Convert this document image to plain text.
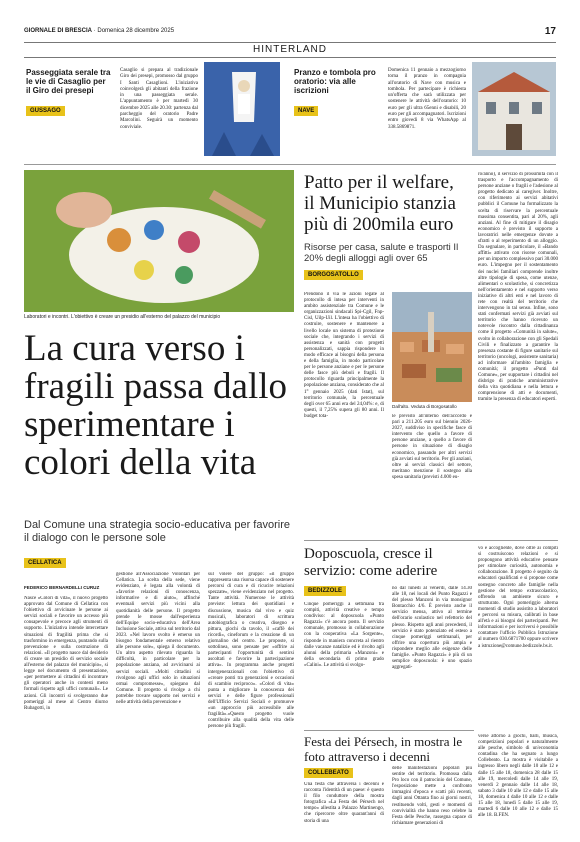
GIORNALE DI BRESCIA · Domenica 28 dicembre 2025	17
HINTERLAND
Passeggiata serale tra le vie di Casaglio per il Giro dei presepi
GUSSAGO
Casaglio si prepara al tradizionale Giro dei presepi, promosso dal gruppo I Santi Casaglioni. L'iniziativa coinvolgerà gli abitanti della frazione in una passeggiata serale. L'appuntamento è per martedì 30 dicembre 2025 alle 20.30: partenza dal parcheggio del oratorio Padre Marcolini. Seguirà un momento conviviale.
Pranzo e tombola pro oratorio: via alle iscrizioni
NAVE
Domenica 11 gennaio a mezzogiorno torna il pranzo in compagnia all'oratorio di Nave con musica e tombola. Per partecipare è richiesta un'offerta che sarà utilizzata per sostenere le attività dell'oratorio: 10 euro per gli ultra 65enni e disabili, 20 euro per gli accompagnatori. Iscrizioni entro giovedì 8 via WhatsApp al 338.5869871.
Laboratori e incontri. L'obiettivo è creare un presidio all'esterno del palazzo del municipio
La cura verso i fragili passa dallo sperimentare i colori della vita
Dal Comune una strategia socio-educativa per favorire il dialogo con le persone sole
CELLATICA
FEDERICO BERNARDELLI CURUZ
Nasce «Colori di vita», il nuovo progetto approvato dal Comune di Cellatica con l'obiettivo di avvicinare le persone ai servizi sociali e favorire un accesso più consapevole e precoce agli strumenti di supporto. L'iniziativa intende intercettare situazioni di fragilità prima che si trasformino in emergenza, puntando sulla prevenzione e sulla costruzione di relazioni. «Il progetto nasce dal desiderio di creare un presidio di servizio sociale all'esterno del palazzo del municipio», si legge nel documento di presentazione, «per permettere ai cittadini di incontrare gli operatori anche in contesti meno formali rispetto agli uffici comunali». Le azioni. Gli incontri si svolgeranno due pomeriggi al mese al Centro diurno Rubagotti, in
gestione all'Associazione Volontari per Cellatica. La scelta della sede, viene evidenziato, è legata alla volontà di «favorire relazioni di conoscenza, informative e di aiuto», affinché eventuali servizi più vicini alla quotidianità delle persone. Il progetto prende le mosse dall'esperienza dell'Equipe socio-educativa dell'Area Inclusione Sociale, attiva sul territorio dal 2023. «Nel lavoro svolto è emerso un bisogno fondamentale emerso relativo alle persone sole», spiega il documento. Un altro aspetto rilevato riguarda la difficoltà, in particolare per la popolazione anziana, ad avvicinarsi ai servizi sociali. «Molti cittadini si rivolgono agli uffici solo in situazioni ormai compromesse», spiegano dal Comune. Il progetto si rivolge a chi potrebbe trovare supporto nei servizi e nelle attività della prevenzione e
sul volere del gruppo: «il gruppo rappresenta una risorsa capace di sostenere percorsi di cura e di ricucire relazioni spezzate», viene evidenziato nel progetto. Tante attività. Numerose le attività previste: lettura dei quotidiani e discussione, musica dal vivo e quiz musicali, laboratori di scrittura autobiografica o creativa, disegno e pittura, giochi da tavolo, il «caffè dei ricordi», cineforum e la creazione di un giornalino del centro. Le proposte, si sottolinea, sono pensate per «offrire ai partecipanti l'opportunità di sentirsi ascoltati e favorire la partecipazione attiva». In programma anche progetti intergenerazionali con l'obiettivo di «creare ponti tra generazioni e occasioni di scambio reciproco». «Colori di vita» punta a migliorare la conoscenza dei servizi e delle figure professionali dell'Ufficio Servizi Sociali e promuove «un approccio più accessibile alle fragilità».«Questo progetto vuole contribuire alla qualità della vita delle persone più fragili.
Patto per il welfare, il Municipio stanzia più di 200mila euro
Risorse per casa, salute e trasporti Il 20% degli alloggi agli over 65
BORGOSATOLLO
Prendono il via le azioni legate al protocollo di intesa per interventi in ambito assistenziale tra Comune e le organizzazioni sindacali Spi-Cgil, Fnp-Cisl, Uilp-Uil. L'intesa ha l'obiettivo di costruire, sostenere e mantenere a livello locale un sistema di protezione sociale che, integrando i servizi di assistenza e sanità con progetti personalizzati, sappia rispondere in modo efficace ai bisogni della persona e della famiglia, in modo particolare per le persone anziane e per le persone delle fasce più deboli e fragili. Il protocollo riguarda principalmente la popolazione anziana, considerato che al 1° gennaio 2025 (dati Istat), sul territorio comunale, la percentuale degli over 65 anni era del 24,04%: e, di questi, il 7,25% supera gli 80 anni. Il budget tota-
Dall'alto. Veduta di Borgosatollo
le previsto all'interno dell'accordo è pari a 211.205 euro sul biennio 2026-2027, suddiviso in specifiche fasce di intervento che quello a favore di persone anziane, a quello a favore di persone in situazione di disagio economico, passando per altri servizi già avviati sul territorio. Per gli anziani, oltre ai servizi classici del settore, meritano menzione il sostegno alla spesa sanitaria (previsti 4.000 eu-
ro/anno), il servizio di prossimità con il trasporto e l'accompagnamento di persone anziane o fragili e l'adesione al progetto dedicato ai caregiver. Inoltre, con riferimento ai servizi abitativi pubblici il Comune ha formalizzato la scelta di riservare la percentuale massima consentita, pari al 20%, agli anziani. Al fine di mitigare il disagio economico è previsto il supporto a lavoratrici nelle emergenze dovute a sfratti o al reperimento di un alloggio. Da segnalare, in particolare, il «Bando affitti» attivato con risorse comunali, per un importo complessivo pari 30.000 euro. L'impegno per il sostentamento dei nuclei familiari comprende inoltre altre tipologie di spesa, come utenze, alimentari o scolastiche, si concretizza nell'orientamento e nel supporto verso iniziative di altri enti e nel lavoro di rete con realtà del territorio che intervengono in tal senso. Infine, sono stati confermati servizi già avviati sul territorio che hanno ricevuto un notevole riscontro dalla cittadinanza come il progetto «Comunità in salute», svolto in collaborazione con gli Spedali Civili e finalizzato a garantire la presenza costante di figure sanitarie sul territorio (oncologi, assistente sanitaria) ad informare all'ambito famiglia e comunità; il progetto «Punti dal Comune», per supportare i cittadini nel disbrigo di pratiche amministrative della vita quotidiana e nella lettura e comprensione di atti e documenti, tramite la presenza di educatori esperti.
Doposcuola, cresce il servizio: come aderire
BEDIZZOLE
Cinque pomeriggi a settimana tra compiti, attività creative e tempo condiviso: al doposcuola «Punto Ragazzi» c'è ancora posto. Il servizio comunale, promosso in collaborazione con la cooperativa «La Sorgente», risponde in maniera concreta al rientro dalle vacanze natalizie ed è rivolto agli alunni della primaria «Manzoni» e della secondaria di primo grado «Calini». Le attività si svolgo-
no dal lunedì al venerdì, dalle 14.30 alle 18, nei locali del Punto Ragazzi e del plesso Manzoni in via monsignor Bontacchio 4/6. È previsto anche il servizio mensa, attivo al termine dell'orario scolastico nel refettorio del plesso. Rispetto agli anni precedenti, il servizio è stato potenziato ed esteso a cinque pomeriggi settimanali, per offrire una copertura più ampia e rispondere meglio alle esigenze delle famiglie. «Punto Ragazzi» è più di un semplice doposcuola: è uno spazio aggregati-
vo e accogliente, dove oltre ai compiti si costruiscono relazioni e si propongono attività educative pensate per stimolare curiosità, autonomia e collaborazione. Il progetto è seguito da educatori qualificati e si propone come sostegno concreto alle famiglie nella gestione del tempo extrascolastico, offrendo un ambiente sicuro e strutturato. Ogni pomeriggio alterna momenti di studio assistito a laboratori e percorsi su misura, calibrati in base all'età e ai bisogni dei partecipanti. Per informazioni e per iscriversi è possibile contattare l'ufficio Pubblica Istruzione al numero 030.6871700 oppure scrivere a istruzione@comune.bedizzole.bs.it.
Festa dei Pérsech, in mostra le foto attraverso i decenni
COLLEBEATO
Una festa che attraversa i decenni e racconta l'identità di un paese: è questo il filo conduttore della mostra fotografica «La Festa dei Pérsech nel tempo» allestita a Palazzo Martinengo, che ripercorre oltre quarant'anni di storia di una
delle manifestazioni popolari più sentite del territorio. Promossa dalla Pro loco con il patrocinio del Comune, l'esposizione mette a confronto immagini d'epoca e scatti più recenti, dagli anni Ottanta fino ai giorni nostri, restituendo volti, gesti e momenti di convivialità che hanno reso celebre la Festa delle Pesche, rassegna capace di richiamare generazioni di
verse attorno a giochi, balli, musica, competizioni popolari e naturalmente alle pesche, simbolo di un'economia contadina che ha segnato a lungo Collebeato. La mostra è visitabile a ingresso libero negli dalle 10 alle 12 e dalle 15 alle 18, domenica 28 dalle 15 alle 19, mercoledì dalle 14 alle 19, venerdì 2 gennaio dalle 14 alle 18, sabato 3 dalle 10 alle 12 e dalle 15 alle 18, domenica 4 dalle 10 alle 12 e dalle 15 alle 18, lunedì 5 dalle 15 alle 19, martedì 6 dalle 10 alle 12 e dalle 15 alle 18. B.FEN.
